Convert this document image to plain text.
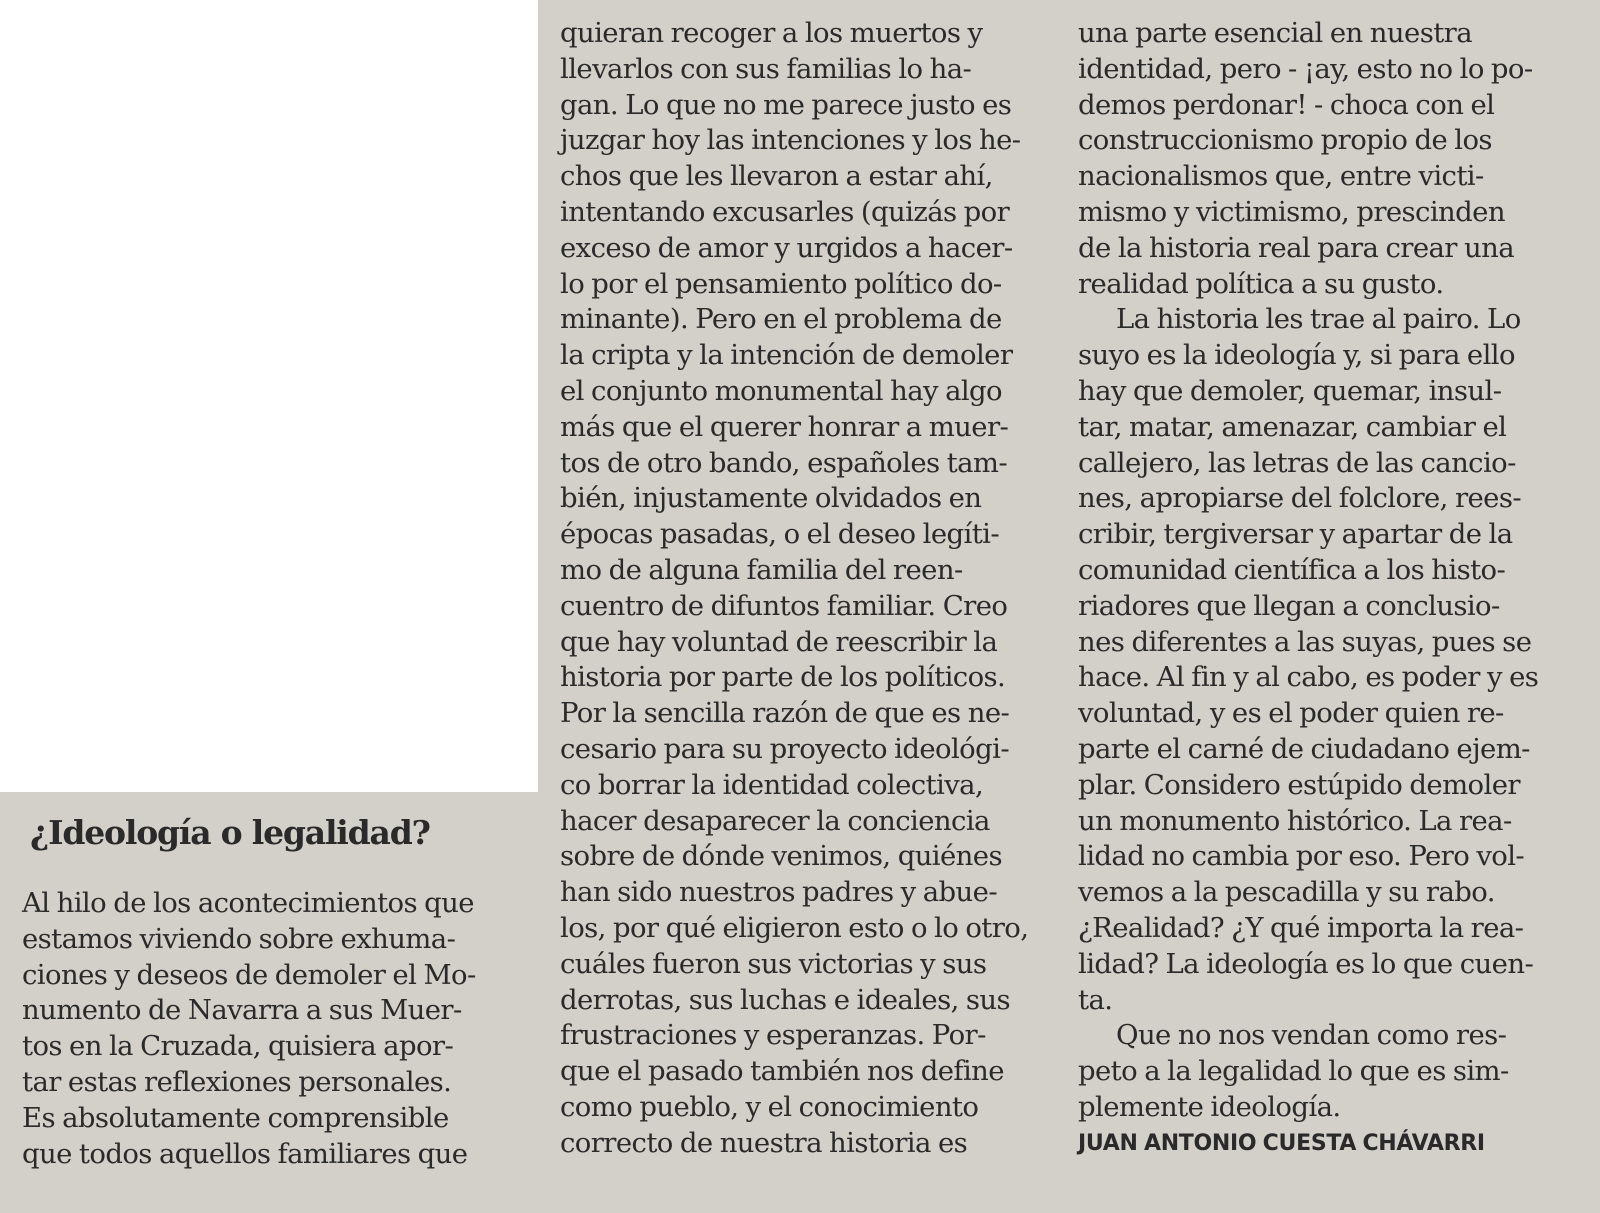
¿Ideología o legalidad?
Al hilo de los acontecimientos que
estamos viviendo sobre exhuma-
ciones y deseos de demoler el Mo-
numento de Navarra a sus Muer-
tos en la Cruzada, quisiera apor-
tar estas reflexiones personales.
Es absolutamente comprensible
que todos aquellos familiares que
quieran recoger a los muertos y
llevarlos con sus familias lo ha-
gan. Lo que no me parece justo es
juzgar hoy las intenciones y los he-
chos que les llevaron a estar ahí,
intentando excusarles (quizás por
exceso de amor y urgidos a hacer-
lo por el pensamiento político do-
minante). Pero en el problema de
la cripta y la intención de demoler
el conjunto monumental hay algo
más que el querer honrar a muer-
tos de otro bando, españoles tam-
bién, injustamente olvidados en
épocas pasadas, o el deseo legíti-
mo de alguna familia del reen-
cuentro de difuntos familiar. Creo
que hay voluntad de reescribir la
historia por parte de los políticos.
Por la sencilla razón de que es ne-
cesario para su proyecto ideológi-
co borrar la identidad colectiva,
hacer desaparecer la conciencia
sobre de dónde venimos, quiénes
han sido nuestros padres y abue-
los, por qué eligieron esto o lo otro,
cuáles fueron sus victorias y sus
derrotas, sus luchas e ideales, sus
frustraciones y esperanzas. Por-
que el pasado también nos define
como pueblo, y el conocimiento
correcto de nuestra historia es
una parte esencial en nuestra
identidad, pero - ¡ay, esto no lo po-
demos perdonar! - choca con el
construccionismo propio de los
nacionalismos que, entre victi-
mismo y victimismo, prescinden
de la historia real para crear una
realidad política a su gusto.
La historia les trae al pairo. Lo
suyo es la ideología y, si para ello
hay que demoler, quemar, insul-
tar, matar, amenazar, cambiar el
callejero, las letras de las cancio-
nes, apropiarse del folclore, rees-
cribir, tergiversar y apartar de la
comunidad científica a los histo-
riadores que llegan a conclusio-
nes diferentes a las suyas, pues se
hace. Al fin y al cabo, es poder y es
voluntad, y es el poder quien re-
parte el carné de ciudadano ejem-
plar. Considero estúpido demoler
un monumento histórico. La rea-
lidad no cambia por eso. Pero vol-
vemos a la pescadilla y su rabo.
¿Realidad? ¿Y qué importa la rea-
lidad? La ideología es lo que cuen-
ta.
Que no nos vendan como res-
peto a la legalidad lo que es sim-
plemente ideología.
JUAN ANTONIO CUESTA CHÁVARRI
